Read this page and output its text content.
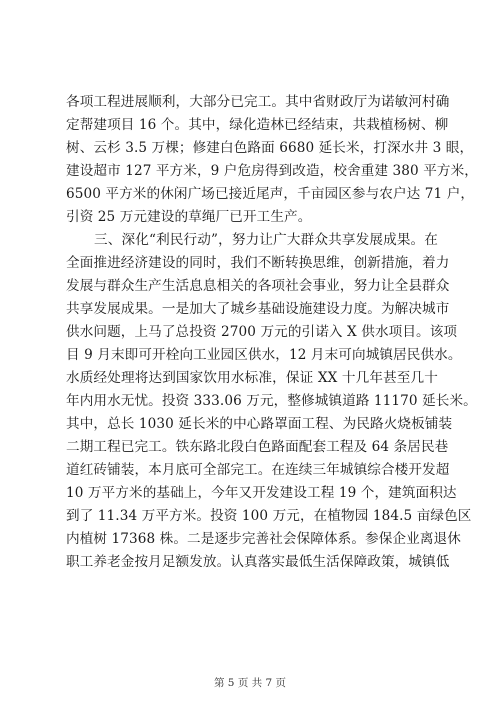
各项工程进展顺利，大部分已完工。其中省财政厅为诺敏河村确
定帮建项目 16 个。其中，绿化造林已经结束，共栽植杨树、柳
树、云杉 3.5 万棵；修建白色路面 6680 延长米，打深水井 3 眼，
建设超市 127 平方米，9 户危房得到改造，校舍重建 380 平方米，
6500 平方米的休闲广场已接近尾声，千亩园区参与农户达 71 户，
引资 25 万元建设的草绳厂已开工生产。
三、深化“利民行动”，努力让广大群众共享发展成果。在
全面推进经济建设的同时，我们不断转换思维，创新措施，着力
发展与群众生产生活息息相关的各项社会事业，努力让全县群众
共享发展成果。一是加大了城乡基础设施建设力度。为解决城市
供水问题，上马了总投资 2700 万元的引诺入 X 供水项目。该项
目 9 月末即可开栓向工业园区供水，12 月末可向城镇居民供水。
水质经处理将达到国家饮用水标准，保证 XX 十几年甚至几十
年内用水无忧。投资 333.06 万元，整修城镇道路 11170 延长米。
其中，总长 1030 延长米的中心路罩面工程、为民路火烧板铺装
二期工程已完工。铁东路北段白色路面配套工程及 64 条居民巷
道红砖铺装，本月底可全部完工。在连续三年城镇综合楼开发超
10 万平方米的基础上，今年又开发建设工程 19 个，建筑面积达
到了 11.34 万平方米。投资 100 万元，在植物园 184.5 亩绿色区
内植树 17368 株。二是逐步完善社会保障体系。参保企业离退休
职工养老金按月足额发放。认真落实最低生活保障政策，城镇低
第 5 页 共 7 页
